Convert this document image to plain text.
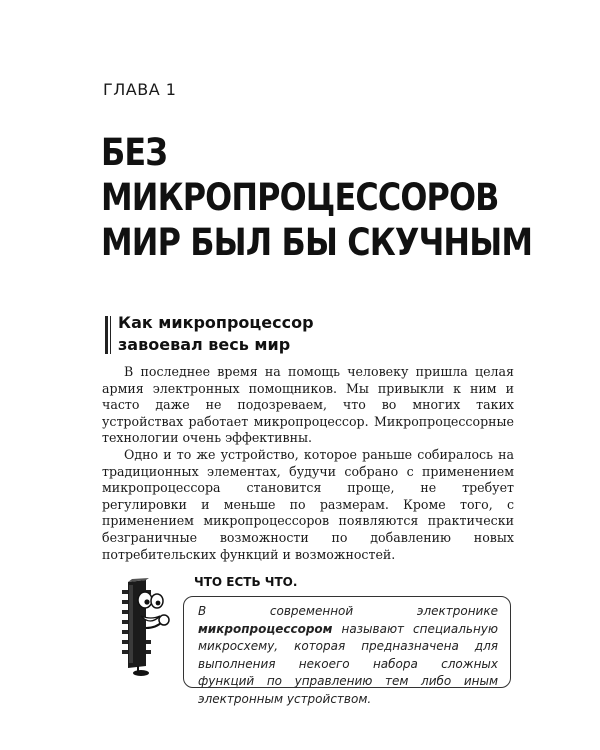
ГЛАВА 1
БЕЗ
МИКРОПРОЦЕССОРОВ
МИР БЫЛ БЫ СКУЧНЫМ
Как микропроцессор
завоевал весь мир

В последнее время на помощь человеку пришла целая армия электронных помощников. Мы привыкли к ним и часто даже не подозреваем, что во многих таких устройствах работает микропроцессор. Микропроцессорные технологии очень эффективны.

Одно и то же устройство, которое раньше собиралось на традиционных элементах, будучи собрано с применением микропроцессора становится проще, не требует регулировки и меньше по размерам. Кроме того, с применением микропроцессоров появляются практически безграничные возможности по добавлению новых потребительских функций и возможностей.

ЧТО ЕСТЬ ЧТО.
В современной электронике микропроцессором называют специальную микросхему, которая предназначена для выполнения некоего набора сложных функций по управлению тем либо иным электронным устройством.
